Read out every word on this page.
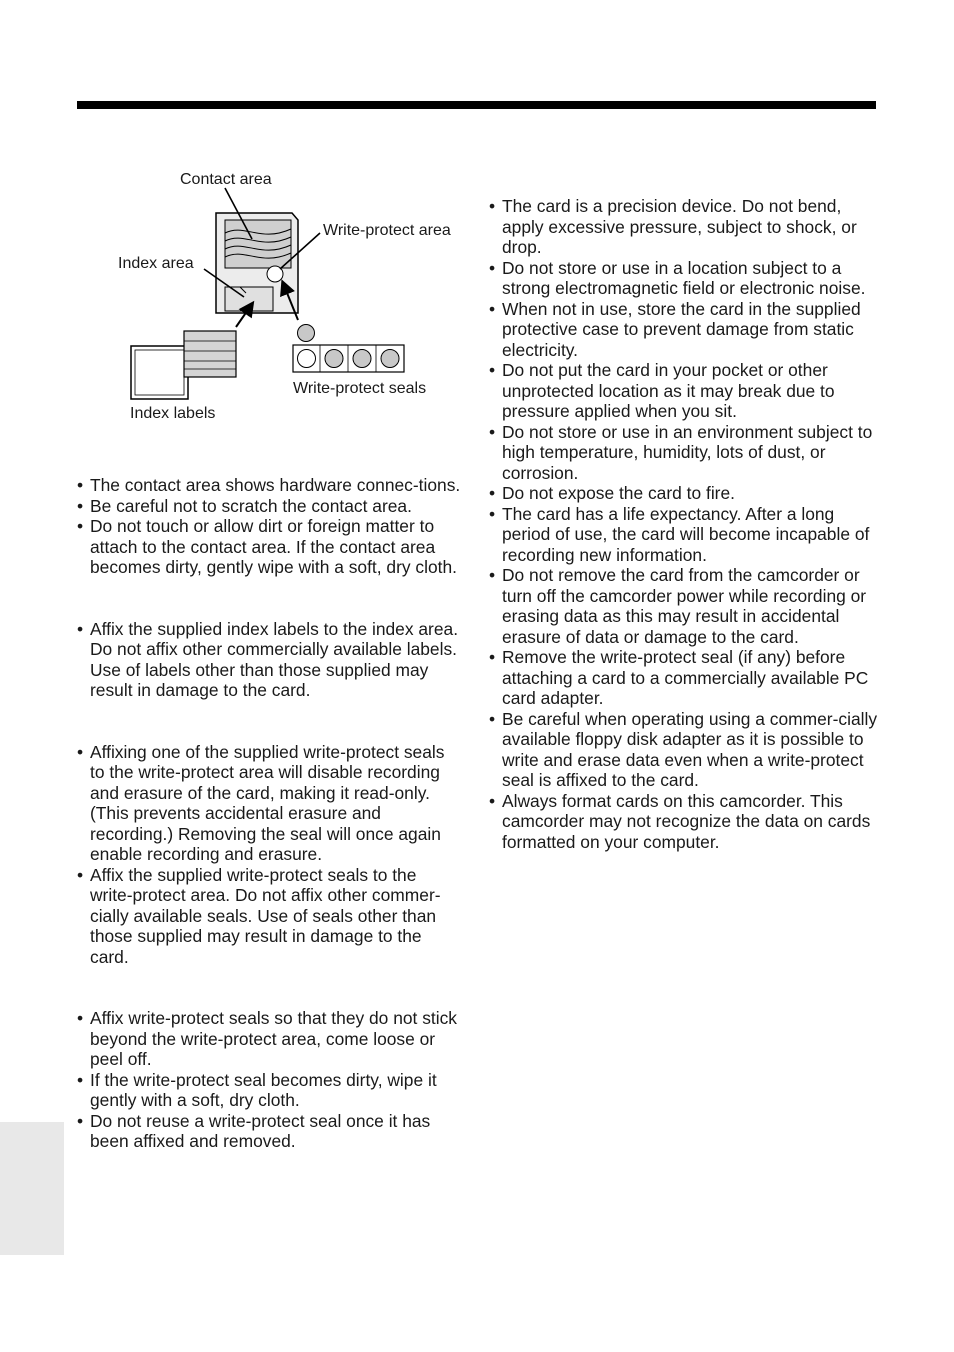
Contact area
Write-protect area
Index area
Index labels
Write-protect seals
• The contact area shows hardware connec-tions.
• Be careful not to scratch the contact area.
• Do not touch or allow dirt or foreign matter to attach to the contact area. If the contact area becomes dirty, gently wipe with a soft, dry cloth.
• Affix the supplied index labels to the index area. Do not affix other commercially available labels. Use of labels other than those supplied may result in damage to the card.
• Affixing one of the supplied write-protect seals to the write-protect area will disable recording and erasure of the card, making it read-only. (This prevents accidental erasure and recording.) Removing the seal will once again enable recording and erasure.
• Affix the supplied write-protect seals to the write-protect area. Do not affix other commer-cially available seals. Use of seals other than those supplied may result in damage to the card.
• Affix write-protect seals so that they do not stick beyond the write-protect area, come loose or peel off.
• If the write-protect seal becomes dirty, wipe it gently with a soft, dry cloth.
• Do not reuse a write-protect seal once it has been affixed and removed.
• The card is a precision device. Do not bend, apply excessive pressure, subject to shock, or drop.
• Do not store or use in a location subject to a strong electromagnetic field or electronic noise.
• When not in use, store the card in the supplied protective case to prevent damage from static electricity.
• Do not put the card in your pocket or other unprotected location as it may break due to pressure applied when you sit.
• Do not store or use in an environment subject to high temperature, humidity, lots of dust, or corrosion.
• Do not expose the card to fire.
• The card has a life expectancy. After a long period of use, the card will become incapable of recording new information.
• Do not remove the card from the camcorder or turn off the camcorder power while recording or erasing data as this may result in accidental erasure of data or damage to the card.
• Remove the write-protect seal (if any) before attaching a card to a commercially available PC card adapter.
• Be careful when operating using a commer-cially available floppy disk adapter as it is possible to write and erase data even when a write-protect seal is affixed to the card.
• Always format cards on this camcorder. This camcorder may not recognize the data on cards formatted on your computer.
